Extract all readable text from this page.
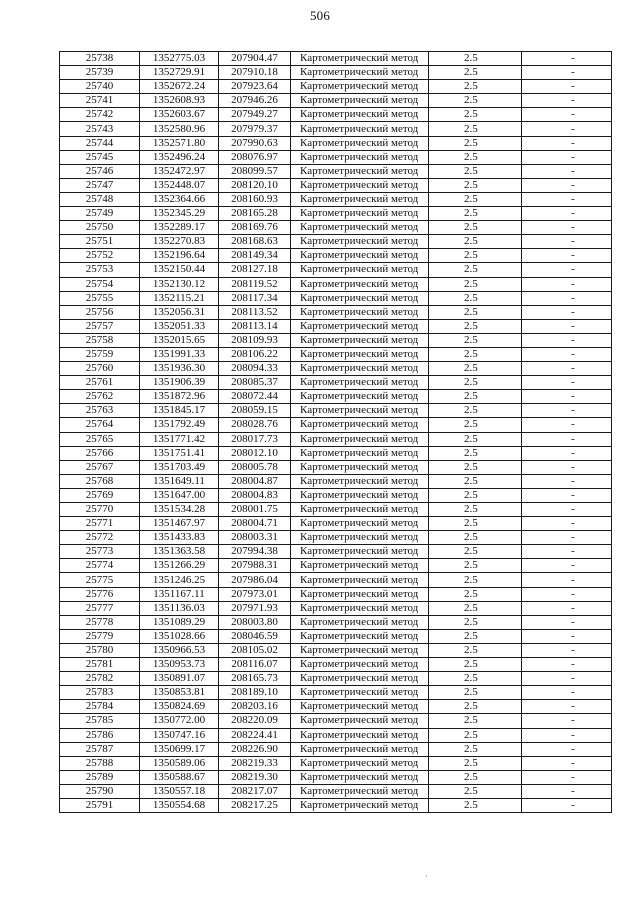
506
25738	1352775.03	207904.47	Картометрический метод	2.5	-
25739	1352729.91	207910.18	Картометрический метод	2.5	-
25740	1352672.24	207923.64	Картометрический метод	2.5	-
25741	1352608.93	207946.26	Картометрический метод	2.5	-
25742	1352603.67	207949.27	Картометрический метод	2.5	-
25743	1352580.96	207979.37	Картометрический метод	2.5	-
25744	1352571.80	207990.63	Картометрический метод	2.5	-
25745	1352496.24	208076.97	Картометрический метод	2.5	-
25746	1352472.97	208099.57	Картометрический метод	2.5	-
25747	1352448.07	208120.10	Картометрический метод	2.5	-
25748	1352364.66	208160.93	Картометрический метод	2.5	-
25749	1352345.29	208165.28	Картометрический метод	2.5	-
25750	1352289.17	208169.76	Картометрический метод	2.5	-
25751	1352270.83	208168.63	Картометрический метод	2.5	-
25752	1352196.64	208149.34	Картометрический метод	2.5	-
25753	1352150.44	208127.18	Картометрический метод	2.5	-
25754	1352130.12	208119.52	Картометрический метод	2.5	-
25755	1352115.21	208117.34	Картометрический метод	2.5	-
25756	1352056.31	208113.52	Картометрический метод	2.5	-
25757	1352051.33	208113.14	Картометрический метод	2.5	-
25758	1352015.65	208109.93	Картометрический метод	2.5	-
25759	1351991.33	208106.22	Картометрический метод	2.5	-
25760	1351936.30	208094.33	Картометрический метод	2.5	-
25761	1351906.39	208085.37	Картометрический метод	2.5	-
25762	1351872.96	208072.44	Картометрический метод	2.5	-
25763	1351845.17	208059.15	Картометрический метод	2.5	-
25764	1351792.49	208028.76	Картометрический метод	2.5	-
25765	1351771.42	208017.73	Картометрический метод	2.5	-
25766	1351751.41	208012.10	Картометрический метод	2.5	-
25767	1351703.49	208005.78	Картометрический метод	2.5	-
25768	1351649.11	208004.87	Картометрический метод	2.5	-
25769	1351647.00	208004.83	Картометрический метод	2.5	-
25770	1351534.28	208001.75	Картометрический метод	2.5	-
25771	1351467.97	208004.71	Картометрический метод	2.5	-
25772	1351433.83	208003.31	Картометрический метод	2.5	-
25773	1351363.58	207994.38	Картометрический метод	2.5	-
25774	1351266.29	207988.31	Картометрический метод	2.5	-
25775	1351246.25	207986.04	Картометрический метод	2.5	-
25776	1351167.11	207973.01	Картометрический метод	2.5	-
25777	1351136.03	207971.93	Картометрический метод	2.5	-
25778	1351089.29	208003.80	Картометрический метод	2.5	-
25779	1351028.66	208046.59	Картометрический метод	2.5	-
25780	1350966.53	208105.02	Картометрический метод	2.5	-
25781	1350953.73	208116.07	Картометрический метод	2.5	-
25782	1350891.07	208165.73	Картометрический метод	2.5	-
25783	1350853.81	208189.10	Картометрический метод	2.5	-
25784	1350824.69	208203.16	Картометрический метод	2.5	-
25785	1350772.00	208220.09	Картометрический метод	2.5	-
25786	1350747.16	208224.41	Картометрический метод	2.5	-
25787	1350699.17	208226.90	Картометрический метод	2.5	-
25788	1350589.06	208219.33	Картометрический метод	2.5	-
25789	1350588.67	208219.30	Картометрический метод	2.5	-
25790	1350557.18	208217.07	Картометрический метод	2.5	-
25791	1350554.68	208217.25	Картометрический метод	2.5	-
·
